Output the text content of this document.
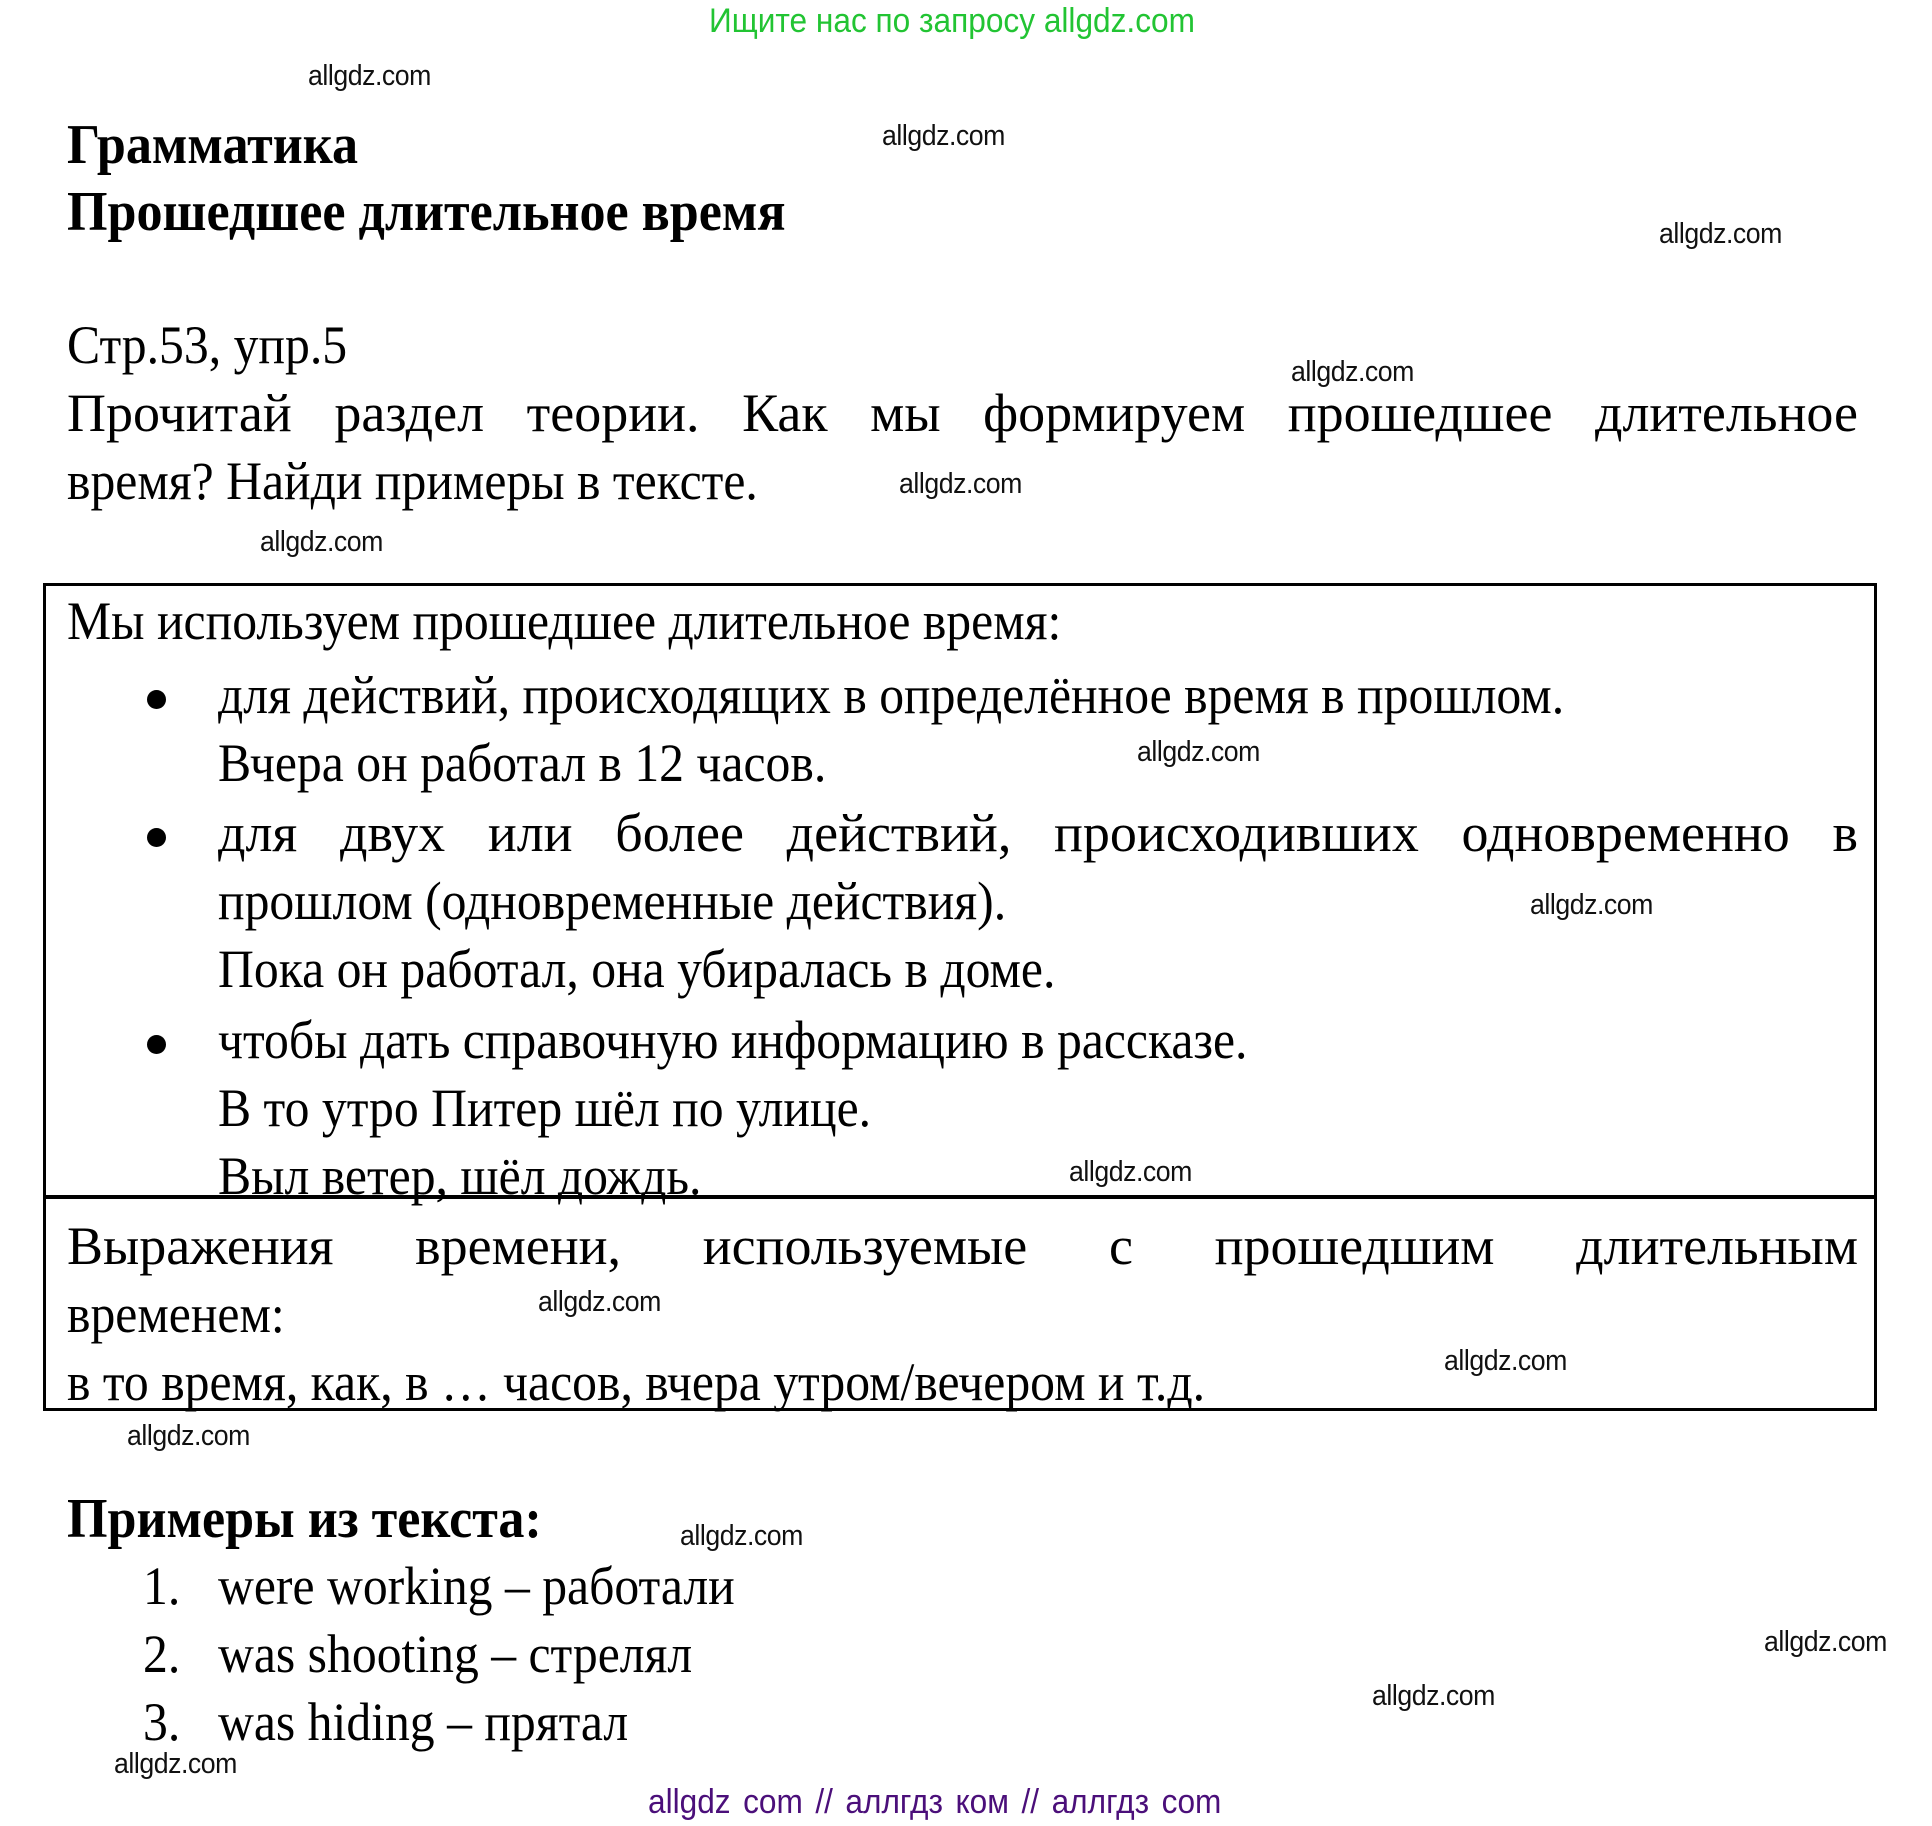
Ищите нас по запросу allgdz.com
allgdz.com
allgdz.com
allgdz.com
allgdz.com
allgdz.com
allgdz.com
allgdz.com
allgdz.com
allgdz.com
allgdz.com
allgdz.com
allgdz.com
allgdz.com
allgdz.com
allgdz.com
allgdz.com
Грамматика
Прошедшее длительное время
Стр.53, упр.5
Прочитай раздел теории. Как мы формируем прошедшее длительное
время? Найди примеры в тексте.
Мы используем прошедшее длительное время:
для действий, происходящих в определённое время в прошлом.
Вчера он работал в 12 часов.
для двух или более действий, происходивших одновременно в
прошлом (одновременные действия).
Пока он работал, она убиралась в доме.
чтобы дать справочную информацию в рассказе.
В то утро Питер шёл по улице.
Выл ветер, шёл дождь.
Выражения времени, используемые с прошедшим длительным
временем:
в то время, как, в … часов, вчера утром/вечером и т.д.
Примеры из текста:
1. were working – работали
2. was shooting – стрелял
3. was hiding – прятал
allgdz com // аллгдз ком // аллгдз com
